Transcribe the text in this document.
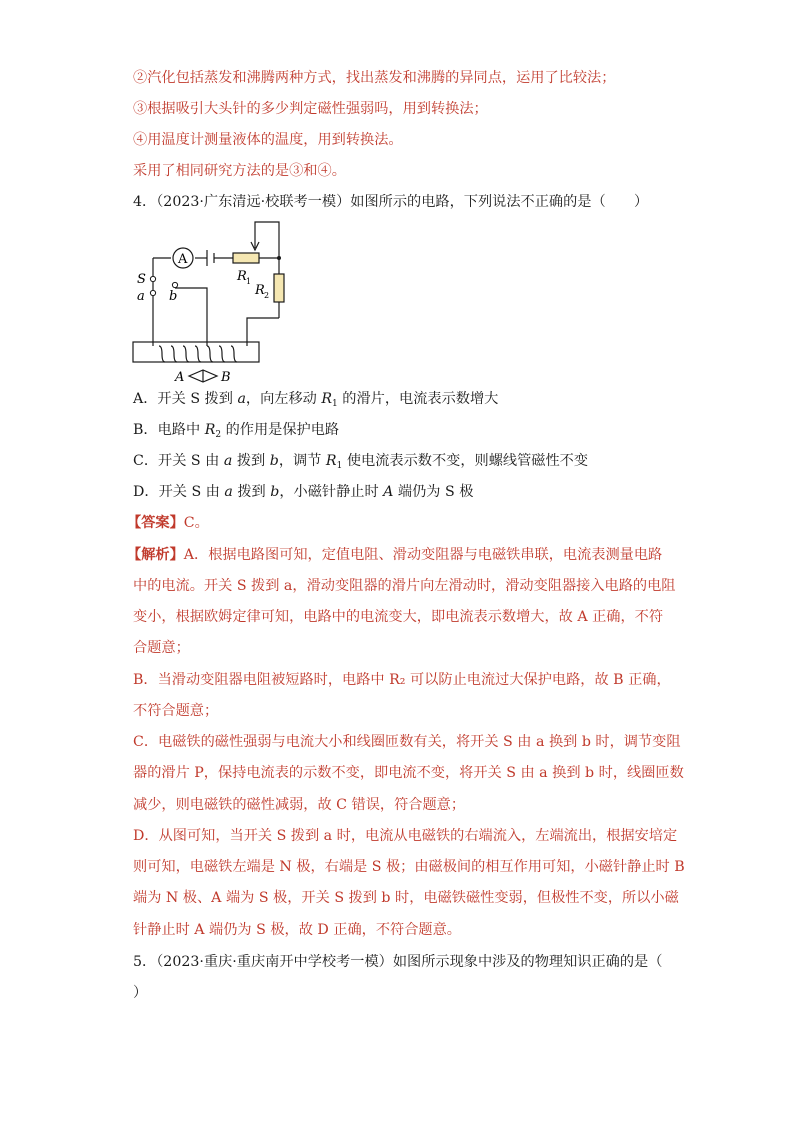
②汽化包括蒸发和沸腾两种方式，找出蒸发和沸腾的异同点，运用了比较法；
③根据吸引大头针的多少判定磁性强弱吗，用到转换法；
④用温度计测量液体的温度，用到转换法。
采用了相同研究方法的是③和④。
4．（2023·广东清远·校联考一模）如图所示的电路，下列说法不正确的是（　　）
A
S
a b
R 1
R 2
A	B
A．开关 S 拨到 a，向左移动 $R_1$ 的滑片，电流表示数增大
B．电路中 $R_2$ 的作用是保护电路
C．开关 S 由 a 拨到 b，调节 $R_1$ 使电流表示数不变，则螺线管磁性不变
D．开关 S 由 a 拨到 b，小磁针静止时 A 端仍为 S 极
【答案】C。
【解析】A．根据电路图可知，定值电阻、滑动变阻器与电磁铁串联，电流表测量电路
中的电流。开关 S 拨到 a，滑动变阻器的滑片向左滑动时，滑动变阻器接入电路的电阻
变小，根据欧姆定律可知，电路中的电流变大，即电流表示数增大，故 A 正确，不符
合题意；
B．当滑动变阻器电阻被短路时，电路中 R₂ 可以防止电流过大保护电路，故 B 正确，
不符合题意；
C．电磁铁的磁性强弱与电流大小和线圈匝数有关，将开关 S 由 a 换到 b 时，调节变阻
器的滑片 P，保持电流表的示数不变，即电流不变，将开关 S 由 a 换到 b 时，线圈匝数
减少，则电磁铁的磁性减弱，故 C 错误，符合题意；
D．从图可知，当开关 S 拨到 a 时，电流从电磁铁的右端流入，左端流出，根据安培定
则可知，电磁铁左端是 N 极，右端是 S 极；由磁极间的相互作用可知，小磁针静止时 B
端为 N 极、A 端为 S 极，开关 S 拨到 b 时，电磁铁磁性变弱，但极性不变，所以小磁
针静止时 A 端仍为 S 极，故 D 正确，不符合题意。
5．（2023·重庆·重庆南开中学校考一模）如图所示现象中涉及的物理知识正确的是（
）
